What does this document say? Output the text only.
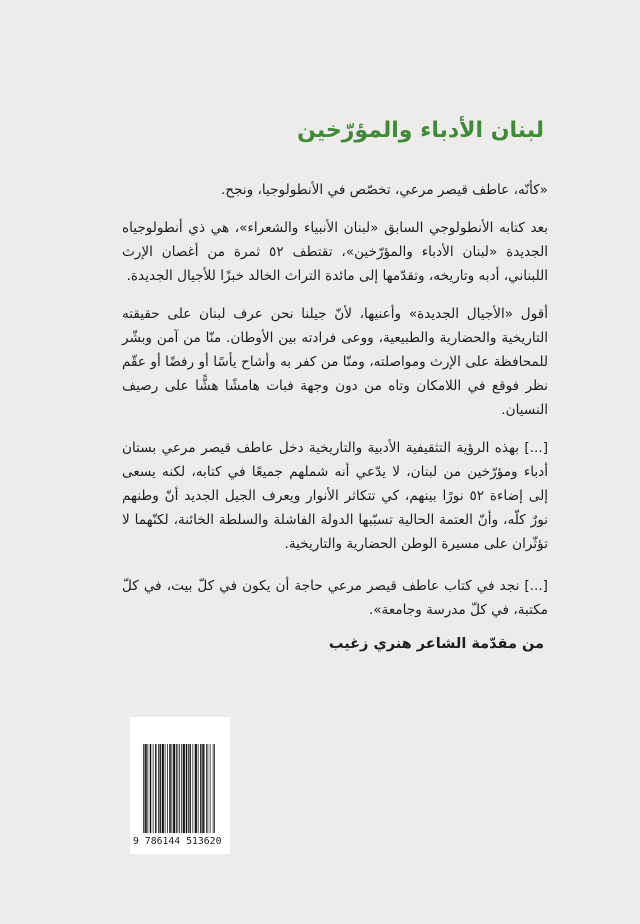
لبنان الأدباء والمؤرّخين

«كأنّه، عاطف قيصر مرعي، تخصّص في الأنطولوجيا، ونجح.

بعد كتابه الأنطولوجي السابق «لبنان الأنبياء والشعراء»، هي ذي أنطولوجياه الجديدة «لبنان الأدباء والمؤرّخين»، تقتطف ٥٢ ثمرة من أغصان الإرث اللبناني، أدبه وتاريخه، وتقدّمها إلى مائدة التراث الخالد خبزًا للأجيال الجديدة.

أقول «الأجيال الجديدة» وأعنيها، لأنّ جيلنا نحن عرف لبنان على حقيقته التاريخية والحضارية والطبيعية، ووعى فرادته بين الأوطان. منّا من آمن وبشّر للمحافظة على الإرث ومواصلته، ومنّا من كفر به وأشاح يأسًا أو رفضًا أو عقّم نظر فوقع في اللامكان وتاه من دون وجهة فبات هامشًا هشًّا على رصيف النسيان.

[...] بهذه الرؤية التثقيفية الأدبية والتاريخية دخل عاطف قيصر مرعي بستان أدباء ومؤرّخين من لبنان، لا يدّعي أنه شملهم جميعًا في كتابه، لكنه يسعى إلى إضاءة ٥٢ نورًا بينهم، كي تتكاثر الأنوار ويعرف الجيل الجديد أنّ وطنهم نورٌ كلّه، وأنّ العتمة الحالية تسبّبها الدولة الفاشلة والسلطة الخائنة، لكنّهما لا تؤثّران على مسيرة الوطن الحضارية والتاريخية.

[...] نجد في كتاب عاطف قيصر مرعي حاجة أن يكون في كلّ بيت، في كلّ مكتبة، في كلّ مدرسة وجامعة».

من مقدّمة الشاعر هنري زغيب
9 786144 513620
